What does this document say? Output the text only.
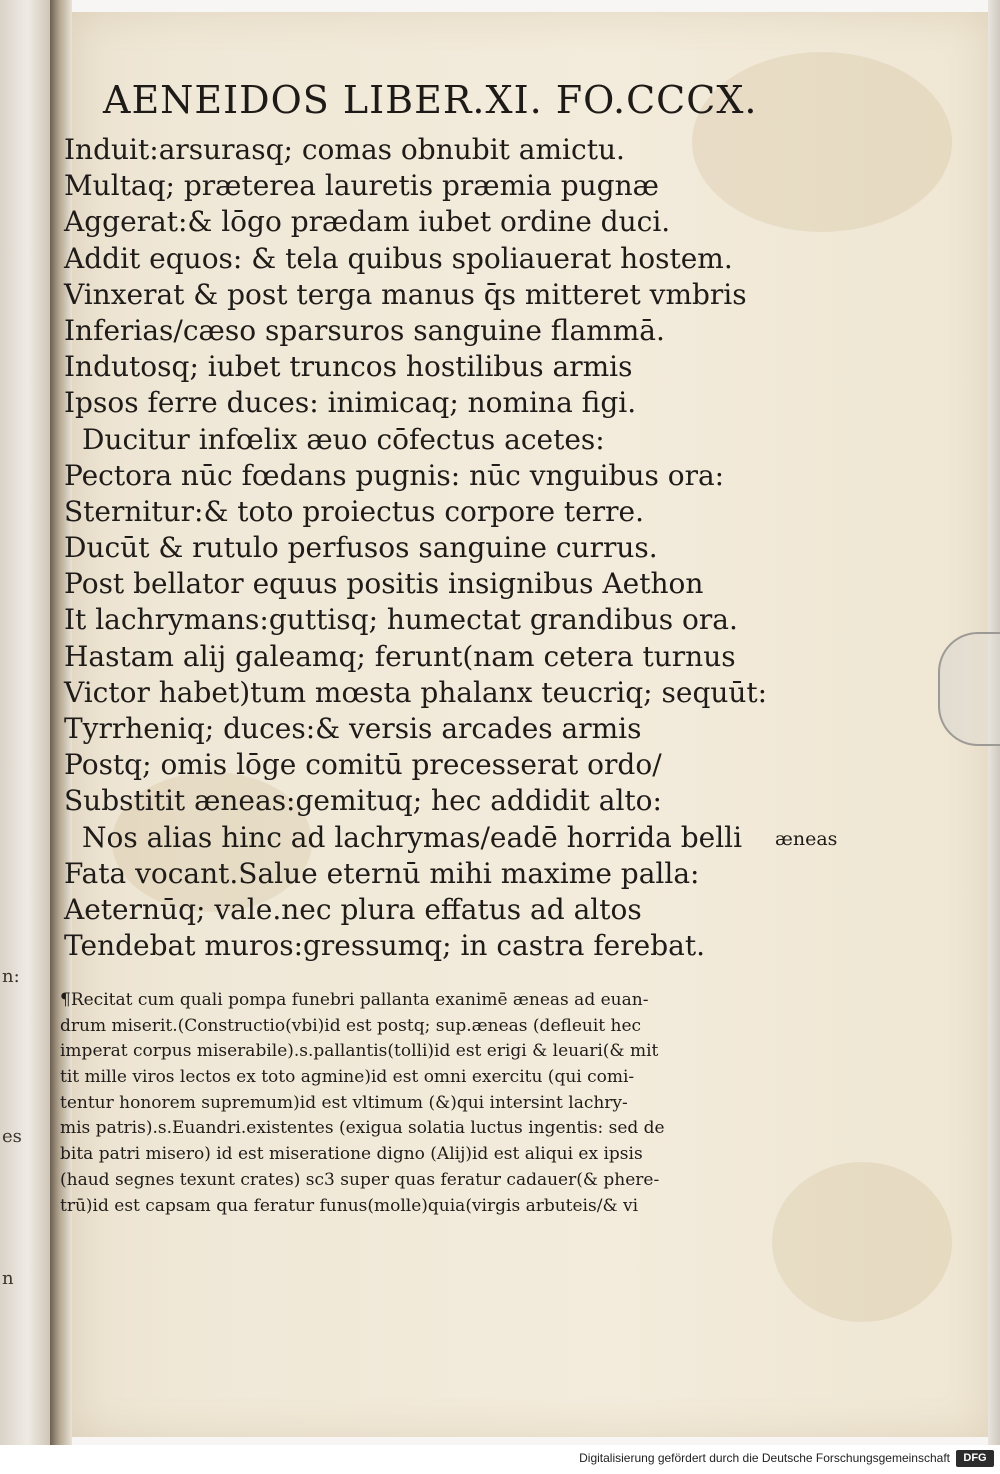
n:
es
n
AENEIDOS LIBER.XI. FO.CCCX.
Induit:arsurasq; comas obnubit amictu.
Multaq; præterea lauretis præmia pugnæ
Aggerat:& lōgo prædam iubet ordine duci.
Addit equos: & tela quibus spoliauerat hostem.
Vinxerat & post terga manus q̄s mitteret vmbris
Inferias/cæso sparsuros sanguine flammā.
Indutosq; iubet truncos hostilibus armis
Ipsos ferre duces: inimicaq; nomina figi.
Ducitur infœlix æuo cōfectus acetes:
Pectora nūc fœdans pugnis: nūc vnguibus ora:
Sternitur:& toto proiectus corpore terre.
Ducūt & rutulo perfusos sanguine currus.
Post bellator equus positis insignibus Aethon
It lachrymans:guttisq; humectat grandibus ora.
Hastam alij galeamq; ferunt(nam cetera turnus
Victor habet)tum mœsta phalanx teucriq; sequūt:
Tyrrheniq; duces:& versis arcades armis
Postq; omis lōge comitū precesserat ordo/
Substitit æneas:gemituq; hec addidit alto:
Nos alias hinc ad lachrymas/eadē horrida belli
Fata vocant.Salue eternū mihi maxime palla:
Aeternūq; vale.nec plura effatus ad altos
Tendebat muros:gressumq; in castra ferebat.
æneas
¶Recitat cum quali pompa funebri pallanta exanimē æneas ad euan-
drum miserit.(Constructio(vbi)id est postq; sup.æneas (defleuit hec
imperat corpus miserabile).s.pallantis(tolli)id est erigi & leuari(& mit
tit mille viros lectos ex toto agmine)id est omni exercitu (qui comi-
tentur honorem supremum)id est vltimum (&)qui intersint lachry-
mis patris).s.Euandri.existentes (exigua solatia luctus ingentis: sed de
bita patri misero) id est miseratione digno (Alij)id est aliqui ex ipsis
(haud segnes texunt crates) sc3 super quas feratur cadauer(& phere-
trū)id est capsam qua feratur funus(molle)quia(virgis arbuteis/& vi
Digitalisierung gefördert durch die Deutsche Forschungsgemeinschaft	DFG
